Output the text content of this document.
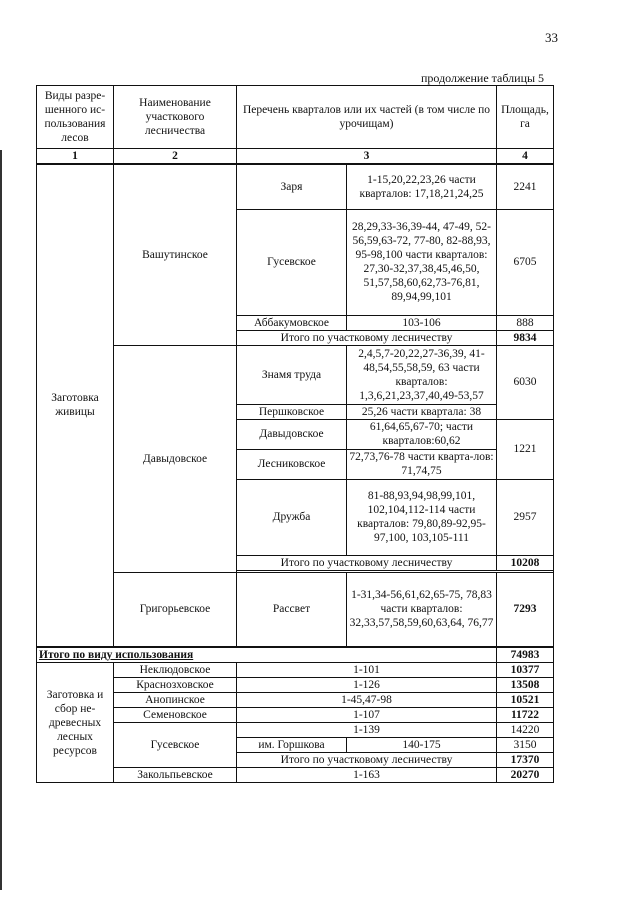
33
продолжение таблицы 5
Виды разре-шенного ис-пользования лесов	Наименование участкового лесничества	Перечень кварталов или их частей (в том числе по урочищам)		Площадь, га
1	2	3		4
Заготовка живицы	Вашутинское	Заря	1-15,20,22,23,26 части кварталов: 17,18,21,24,25	2241
		Гусевское	28,29,33-36,39-44, 47-49, 52-56,59,63-72, 77-80, 82-88,93, 95-98,100 части кварталов: 27,30-32,37,38,45,46,50, 51,57,58,60,62,73-76,81, 89,94,99,101	6705
		Аббакумовское	103-106	888
		Итого по участковому лесничеству		9834
	Давыдовское	Знамя труда	2,4,5,7-20,22,27-36,39, 41-48,54,55,58,59, 63 части кварталов: 1,3,6,21,23,37,40,49-53,57	6030
		Першковское	25,26 части квартала: 38	
		Давыдовское	61,64,65,67-70; части кварталов:60,62	1221
		Лесниковское	72,73,76-78 части кварта-лов: 71,74,75	
		Дружба	81-88,93,94,98,99,101, 102,104,112-114 части кварталов: 79,80,89-92,95-97,100, 103,105-111	2957
		Итого по участковому лесничеству		10208

	Григорьевское	Рассвет	1-31,34-56,61,62,65-75, 78,83 части кварталов: 32,33,57,58,59,60,63,64, 76,77	7293
Итого по виду использования				74983
Заготовка и сбор не-древесных лесных ресурсов	Неклюдовское	1-101		10377
	Краснозховское	1-126		13508
	Анопинское	1-45,47-98		10521
	Семеновское	1-107		11722
	Гусевское	1-139		14220
		им. Горшкова	140-175	3150
		Итого по участковому лесничеству		17370
	Закольпьевское	1-163		20270
